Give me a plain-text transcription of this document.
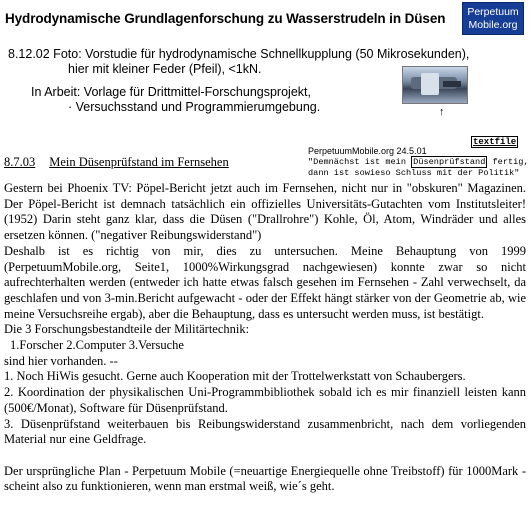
Hydrodynamische Grundlagenforschung zu Wasserstrudeln in Düsen	Perpetuum
Mobile.org
8.12.02 Foto: Vorstudie für hydrodynamische Schnellkupplung (50 Mikrosekunden),
hier mit kleiner Feder (Pfeil), <1kN.
In Arbeit: Vorlage für Drittmittel-Forschungsprojekt,
· Versuchsstand und Programmierumgebung.	↑
textfile
PerpetuumMobile.org 24.5.01
"Demnächst ist mein Düsenprüfstand fertig,
dann ist sowieso Schluss mit der Politik"
8.7.03 Mein Düsenprüfstand im Fernsehen

Gestern bei Phoenix TV: Pöpel-Bericht jetzt auch im Fernsehen, nicht nur in "obskuren" Magazinen. Der Pöpel-Bericht ist demnach tatsächlich ein offizielles Universitäts-Gutachten vom Institutsleiter! (1952) Darin steht ganz klar, dass die Düsen ("Drallrohre") Kohle, Öl, Atom, Windräder und alles ersetzen können. ("negativer Reibungswiderstand")

Deshalb ist es richtig von mir, dies zu untersuchen. Meine Behauptung von 1999 (PerpetuumMobile.org, Seite1, 1000%Wirkungsgrad nachgewiesen) konnte zwar so nicht aufrechterhalten werden (entweder ich hatte etwas falsch gesehen im Fernsehen - Zahl verwechselt, da geschlafen und von 3-min.Bericht aufgewacht - oder der Effekt hängt stärker von der Geometrie ab, wie meine Versuchsreihe ergab), aber die Behauptung, dass es untersucht werden muss, ist bestätigt.

Die 3 Forschungsbestandteile der Militärtechnik:

1.Forscher 2.Computer 3.Versuche

sind hier vorhanden. --

1. Noch HiWis gesucht. Gerne auch Kooperation mit der Trottelwerkstatt von Schaubergers.

2. Koordination der physikalischen Uni-Programmbibliothek sobald ich es mir finanziell leisten kann (500€/Monat), Software für Düsenprüfstand.

3. Düsenprüfstand weiterbauen bis Reibungswiderstand zusammenbricht, nach dem vorliegenden Material nur eine Geldfrage.

Der ursprüngliche Plan - Perpetuum Mobile (=neuartige Energiequelle ohne Treibstoff) für 1000Mark - scheint also zu funktionieren, wenn man erstmal weiß, wie´s geht.
